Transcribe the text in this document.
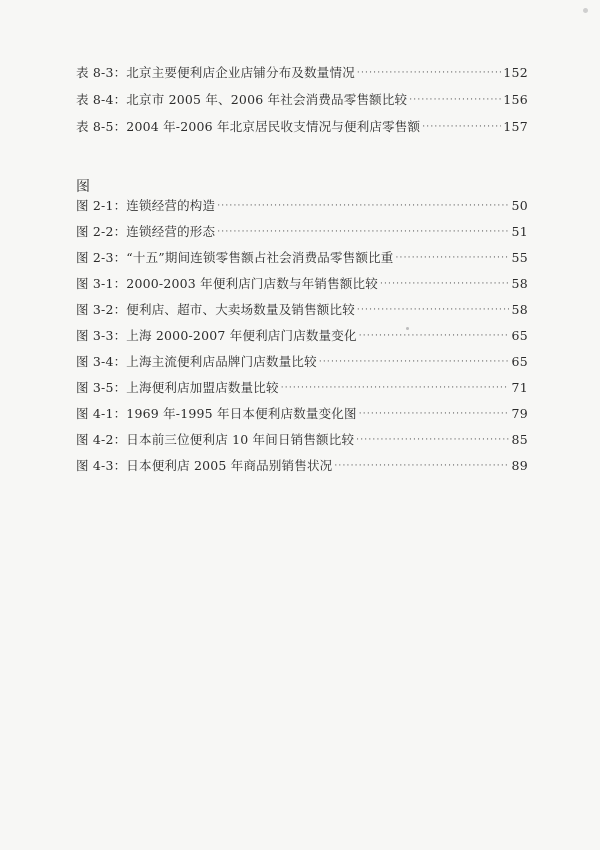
表 8-3：北京主要便利店企业店铺分布及数量情况 ·····	152
表 8-4：北京市 2005 年、2006 年社会消费品零售额比较 ·····	156
表 8-5：2004 年-2006 年北京居民收支情况与便利店零售额 ·····	157
图
图 2-1：连锁经营的构造 ·····	50
图 2-2：连锁经营的形态 ·····	51
图 2-3：“十五”期间连锁零售额占社会消费品零售额比重 ·····	55
图 3-1：2000-2003 年便利店门店数与年销售额比较 ·····	58
图 3-2：便利店、超市、大卖场数量及销售额比较 ·····	58
图 3-3：上海 2000-2007 年便利店门店数量变化 ·····	65
图 3-4：上海主流便利店品牌门店数量比较 ·····	65
图 3-5：上海便利店加盟店数量比较 ·····	71
图 4-1：1969 年-1995 年日本便利店数量变化图 ·····	79
图 4-2：日本前三位便利店 10 年间日销售额比较 ·····	85
图 4-3：日本便利店 2005 年商品别销售状况 ·····	89
